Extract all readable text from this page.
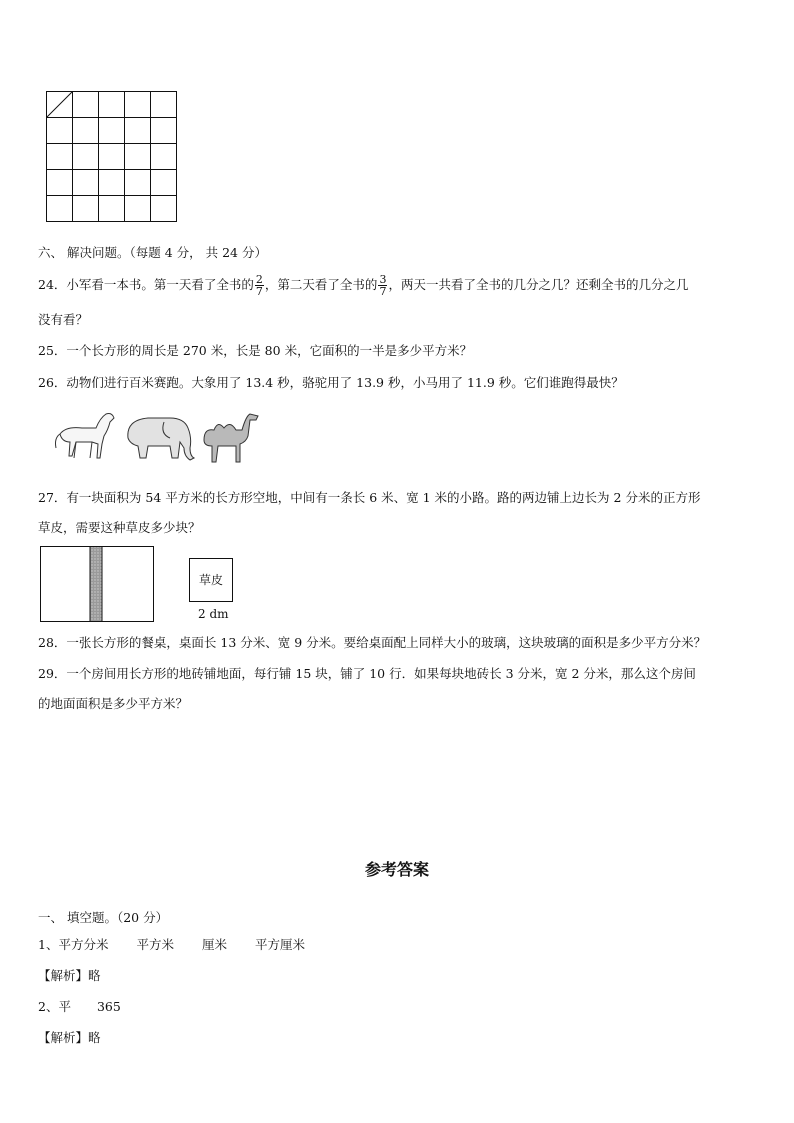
六、 解决问题。（每题 4 分， 共 24 分）
24．小军看一本书。第一天看了全书的 $\frac{2}{7}$ ，第二天看了全书的 $\frac{3}{7}$ ，两天一共看了全书的几分之几？还剩全书的几分之几
没有看？
25．一个长方形的周长是 270 米，长是 80 米，它面积的一半是多少平方米？
26．动物们进行百米赛跑。大象用了 13.4 秒，骆驼用了 13.9 秒，小马用了 11.9 秒。它们谁跑得最快？
27．有一块面积为 54 平方米的长方形空地，中间有一条长 6 米、宽 1 米的小路。路的两边铺上边长为 2 分米的正方形
草皮，需要这种草皮多少块？
草皮
2 dm
28．一张长方形的餐桌，桌面长 13 分米、宽 9 分米。要给桌面配上同样大小的玻璃，这块玻璃的面积是多少平方分米？
29．一个房间用长方形的地砖铺地面，每行铺 15 块，铺了 10 行．如果每块地砖长 3 分米，宽 2 分米，那么这个房间
的地面面积是多少平方米？
参考答案
一、 填空题。（20 分）
1、平方分米 平方米 厘米 平方厘米
【解析】略
2、平 365
【解析】略
